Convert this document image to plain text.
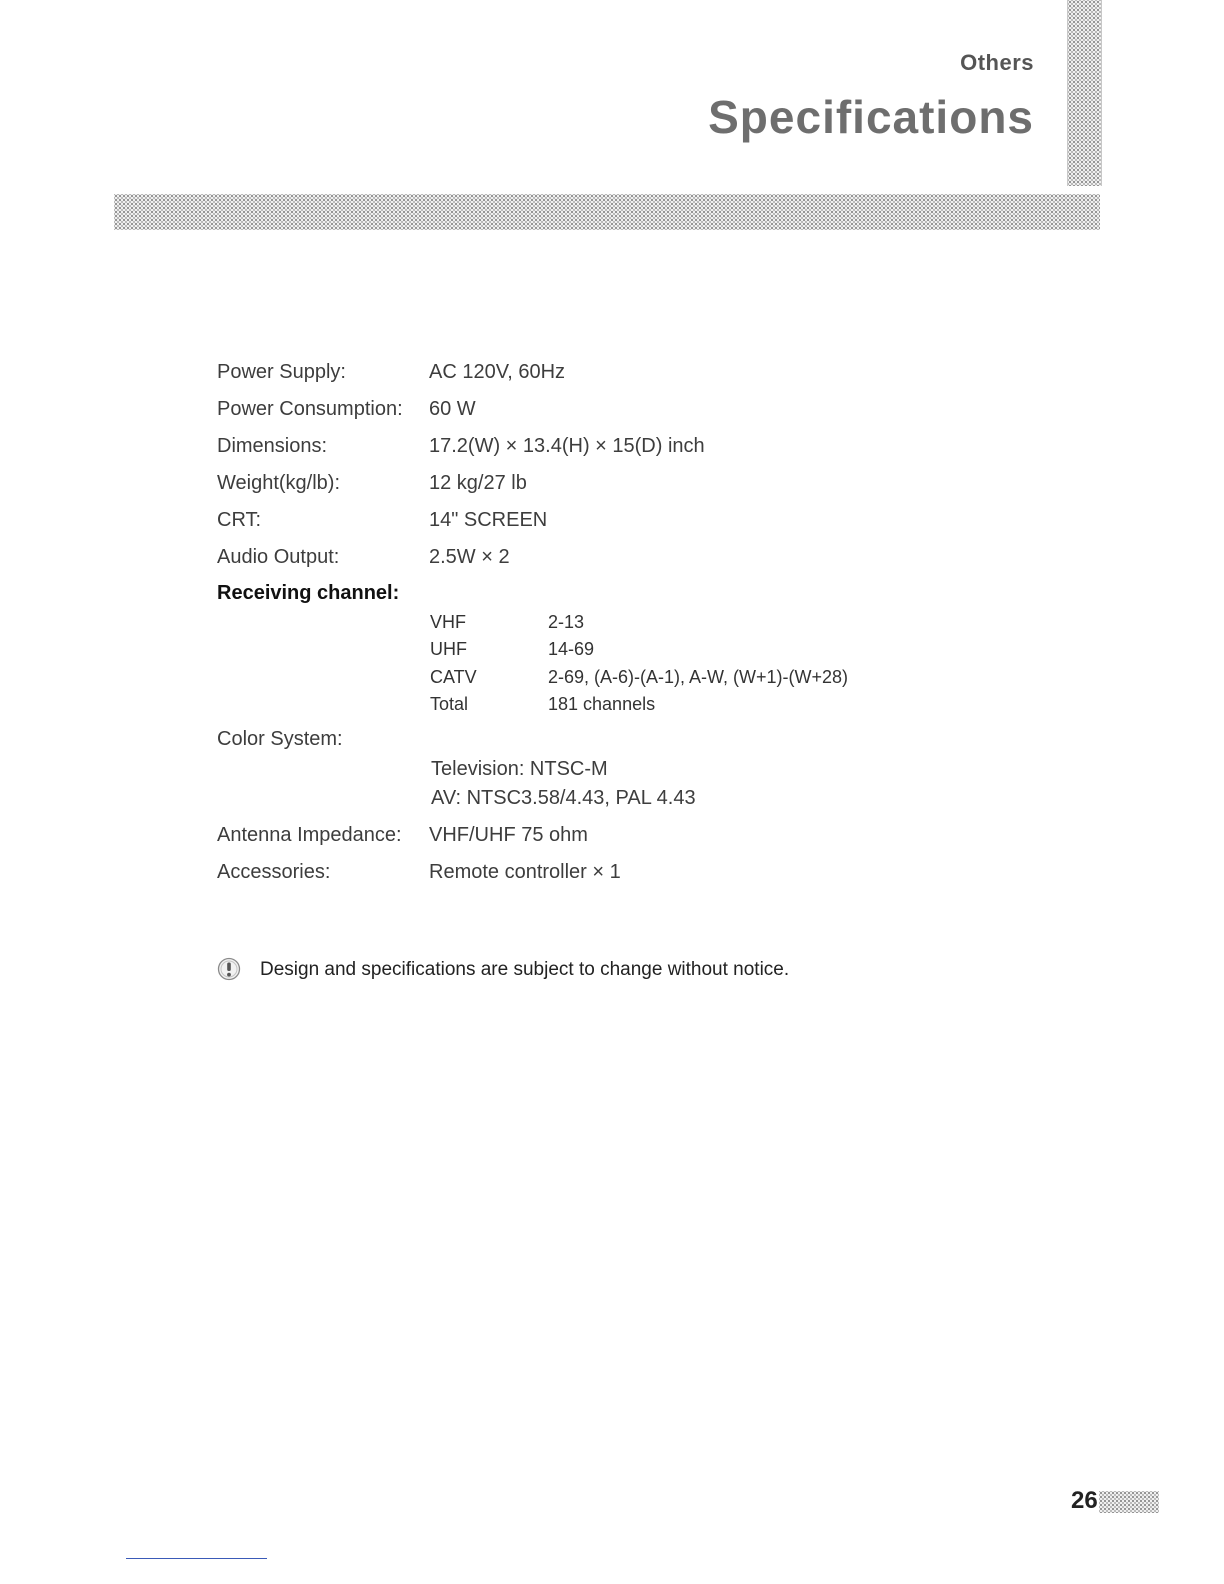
Others
Specifications
Power Supply:	AC 120V, 60Hz
Power Consumption: 60 W
Dimensions:	17.2(W) × 13.4(H) × 15(D) inch
Weight(kg/lb):	12 kg/27 lb
CRT:	14" SCREEN
Audio Output:	2.5W × 2
Receiving channel:
VHF	2-13
UHF	14-69
CATV	2-69, (A-6)-(A-1), A-W, (W+1)-(W+28)
Total	181 channels
Color System:
Television: NTSC-M
AV: NTSC3.58/4.43, PAL 4.43
Antenna Impedance: VHF/UHF 75 ohm
Accessories:	Remote controller × 1
Design and specifications are subject to change without notice.
26
